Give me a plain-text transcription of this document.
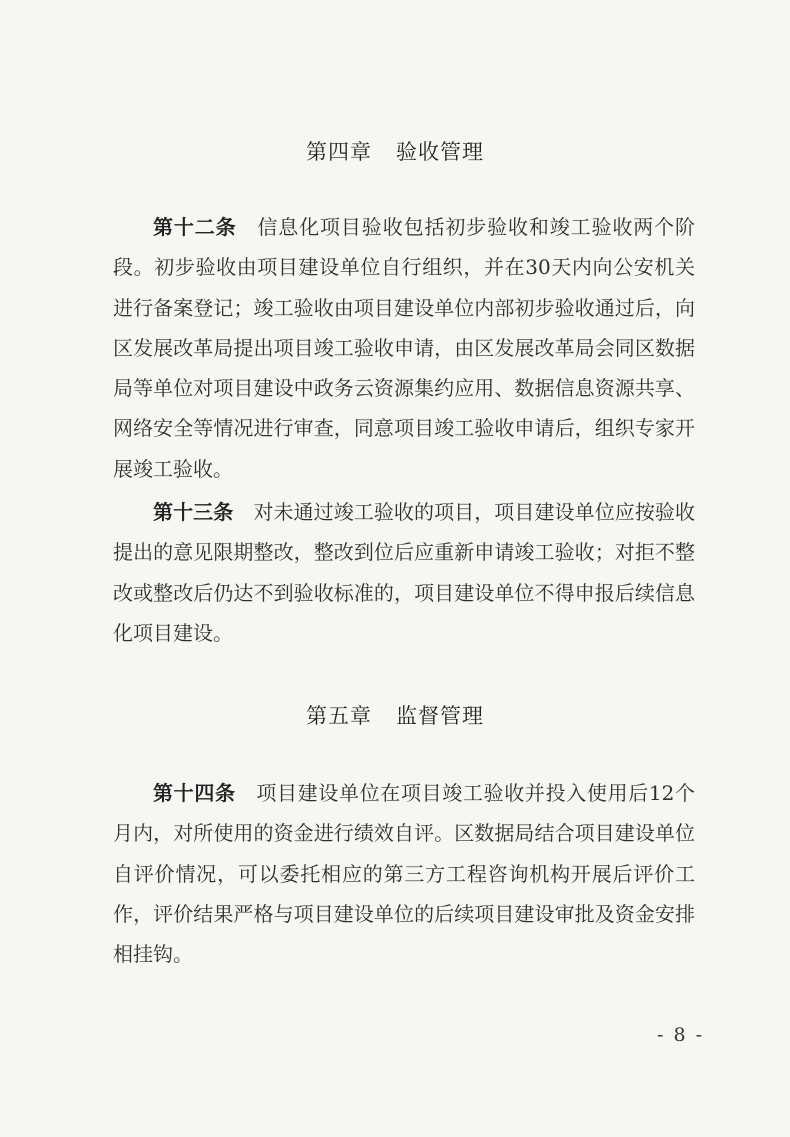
第四章 验收管理
第十二条 信息化项目验收包括初步验收和竣工验收两个阶段。初步验收由项目建设单位自行组织，并在30天内向公安机关进行备案登记；竣工验收由项目建设单位内部初步验收通过后，向区发展改革局提出项目竣工验收申请，由区发展改革局会同区数据局等单位对项目建设中政务云资源集约应用、数据信息资源共享、网络安全等情况进行审查，同意项目竣工验收申请后，组织专家开展竣工验收。
第十三条 对未通过竣工验收的项目，项目建设单位应按验收提出的意见限期整改，整改到位后应重新申请竣工验收；对拒不整改或整改后仍达不到验收标准的，项目建设单位不得申报后续信息化项目建设。
第五章 监督管理
第十四条 项目建设单位在项目竣工验收并投入使用后12个月内，对所使用的资金进行绩效自评。区数据局结合项目建设单位自评价情况，可以委托相应的第三方工程咨询机构开展后评价工作，评价结果严格与项目建设单位的后续项目建设审批及资金安排相挂钩。
- 8 -
